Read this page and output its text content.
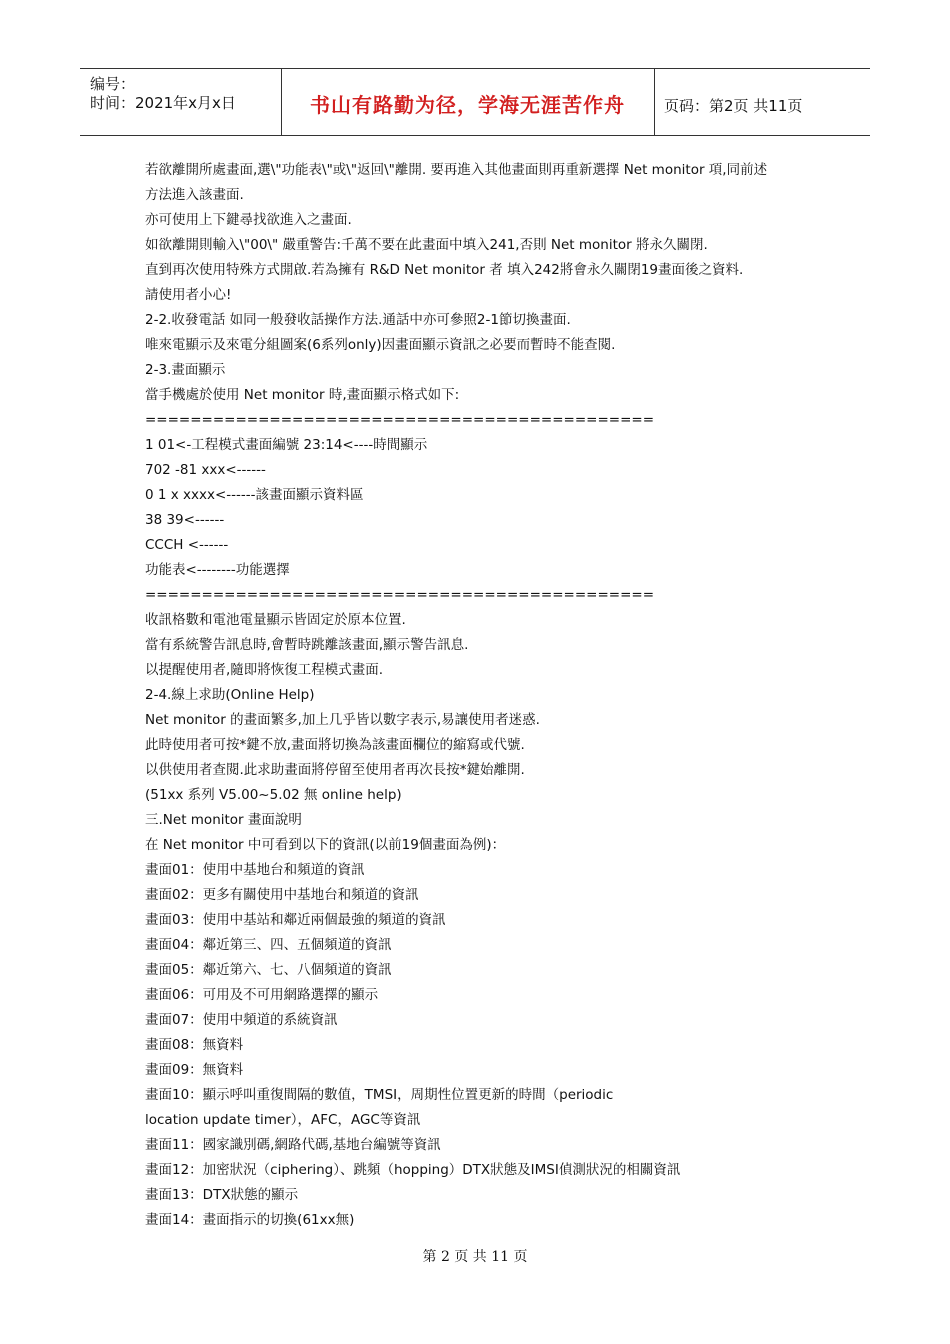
编号：
时间：2021年x月x日	书山有路勤为径，学海无涯苦作舟	页码：第2页 共11页
若欲離開所處畫面,選\"功能表\"或\"返回\"離開. 要再進入其他畫面則再重新選擇 Net monitor 項,同前述
方法進入該畫面.
亦可使用上下鍵尋找欲進入之畫面.
如欲離開則輸入\"00\" 嚴重警告:千萬不要在此畫面中填入241,否則 Net monitor 將永久關閉.
直到再次使用特殊方式開啟.若為擁有 R&D Net monitor 者 填入242將會永久關閉19畫面後之資料.
請使用者小心!
2-2.收發電話 如同一般發收話操作方法.通話中亦可參照2-1節切換畫面.
唯來電顯示及來電分組圖案(6系列only)因畫面顯示資訊之必要而暫時不能查閱.
2-3.畫面顯示
當手機處於使用 Net monitor 時,畫面顯示格式如下:
=============================================
1 01<-工程模式畫面編號 23:14<----時間顯示
702 -81 xxx<------
0 1 x xxxx<------該畫面顯示資料區
38 39<------
CCCH <------
功能表<--------功能選擇
=============================================
收訊格數和電池電量顯示皆固定於原本位置.
當有系統警告訊息時,會暫時跳離該畫面,顯示警告訊息.
以提醒使用者,隨即將恢復工程模式畫面.
2-4.線上求助(Online Help)
Net monitor 的畫面繁多,加上几乎皆以數字表示,易讓使用者迷惑.
此時使用者可按*鍵不放,畫面將切換為該畫面欄位的縮寫或代號.
以供使用者查閱.此求助畫面將停留至使用者再次長按*鍵始離開.
(51xx 系列 V5.00~5.02 無 online help)
三.Net monitor 畫面說明
在 Net monitor 中可看到以下的資訊(以前19個畫面為例)：
畫面01：使用中基地台和頻道的資訊
畫面02：更多有關使用中基地台和頻道的資訊
畫面03：使用中基站和鄰近兩個最強的頻道的資訊
畫面04：鄰近第三、四、五個頻道的資訊
畫面05：鄰近第六、七、八個頻道的資訊
畫面06：可用及不可用網路選擇的顯示
畫面07：使用中頻道的系統資訊
畫面08：無資料
畫面09：無資料
畫面10：顯示呼叫重復間隔的數值，TMSI，周期性位置更新的時間（periodic
location update timer），AFC，AGC等資訊
畫面11：國家識別碼,網路代碼,基地台編號等資訊
畫面12：加密狀況（ciphering）、跳頻（hopping）DTX狀態及IMSI偵測狀況的相關資訊
畫面13：DTX狀態的顯示
畫面14：畫面指示的切換(61xx無)
第 2 页 共 11 页
